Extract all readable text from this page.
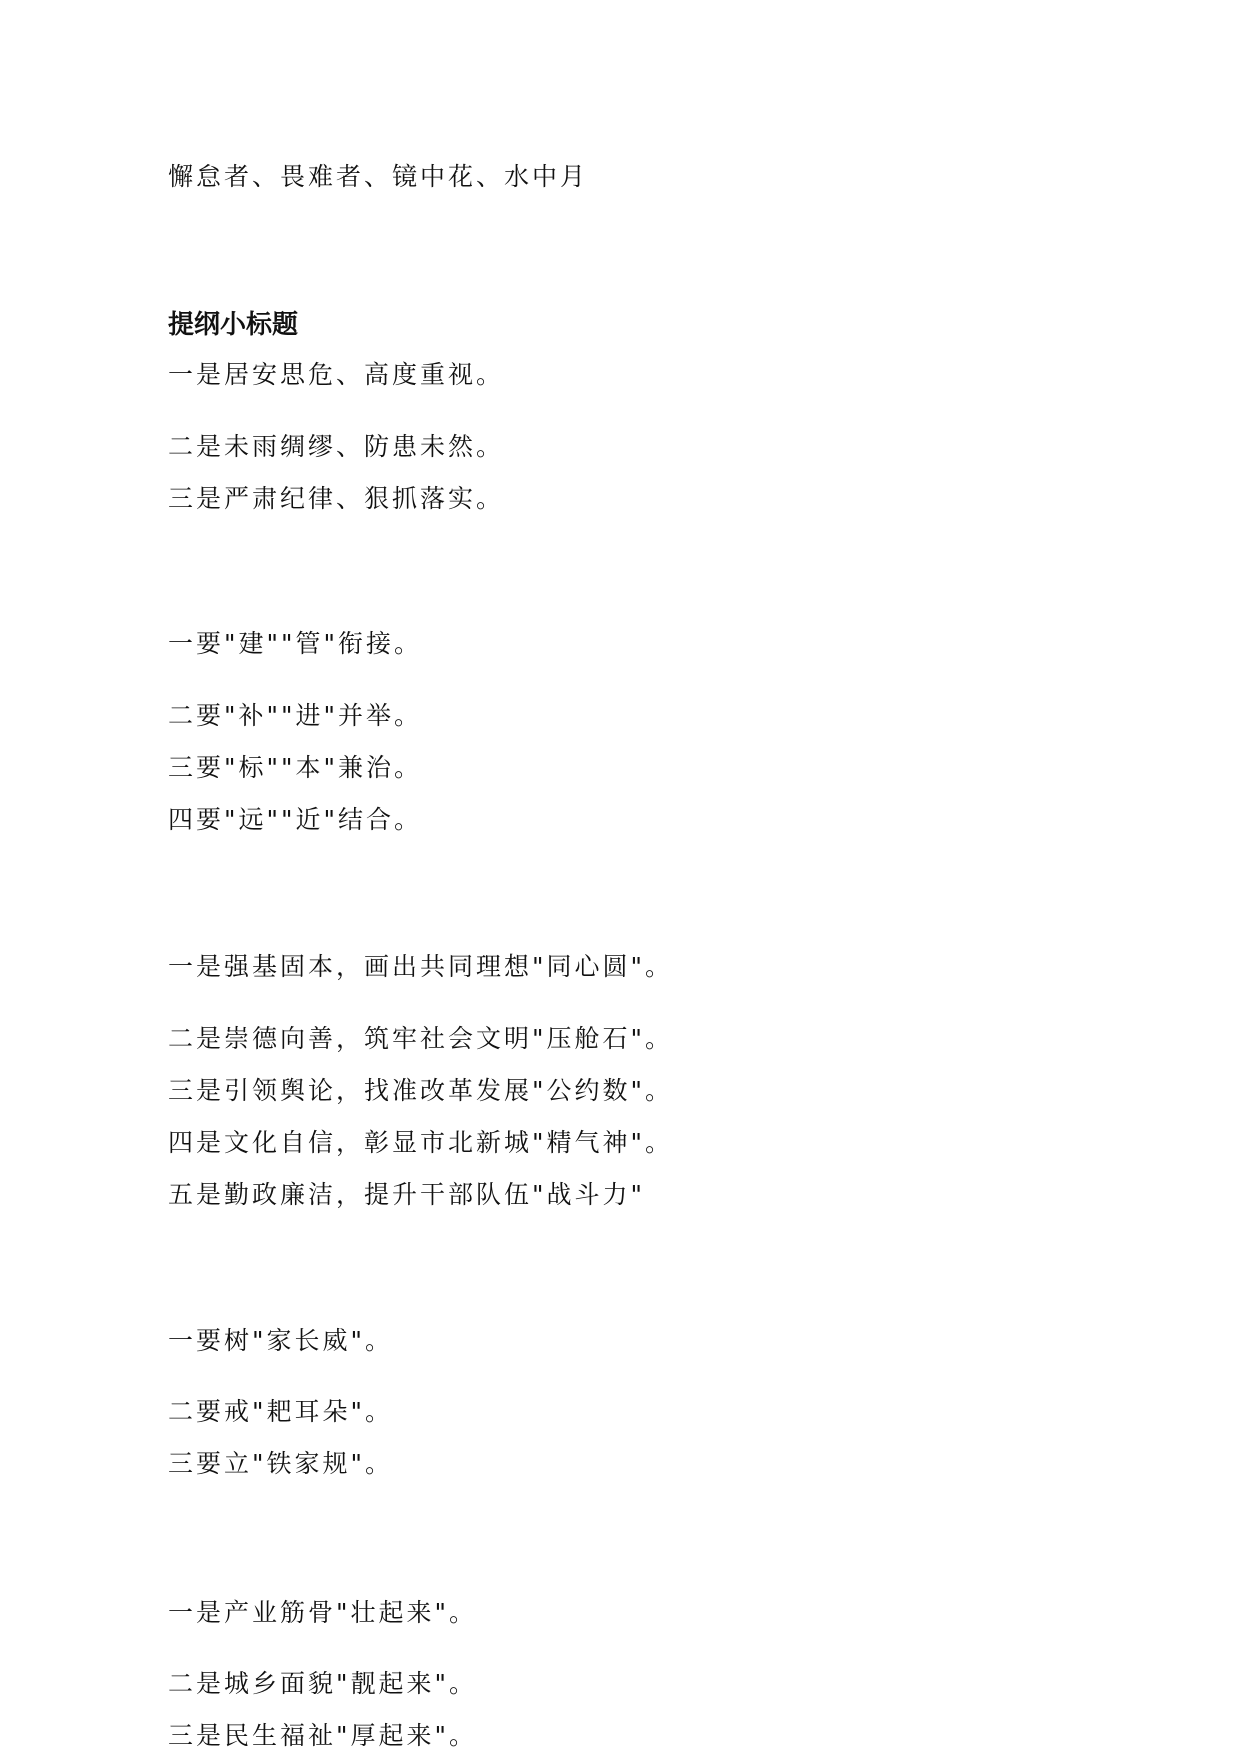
懈怠者、畏难者、镜中花、水中月
提纲小标题
一是居安思危、高度重视。
二是未雨绸缪、防患未然。
三是严肃纪律、狠抓落实。
一要"建""管"衔接。
二要"补""进"并举。
三要"标""本"兼治。
四要"远""近"结合。
一是强基固本，画出共同理想"同心圆"。
二是崇德向善，筑牢社会文明"压舱石"。
三是引领舆论，找准改革发展"公约数"。
四是文化自信，彰显市北新城"精气神"。
五是勤政廉洁，提升干部队伍"战斗力"
一要树"家长威"。
二要戒"耙耳朵"。
三要立"铁家规"。
一是产业筋骨"壮起来"。
二是城乡面貌"靓起来"。
三是民生福祉"厚起来"。
